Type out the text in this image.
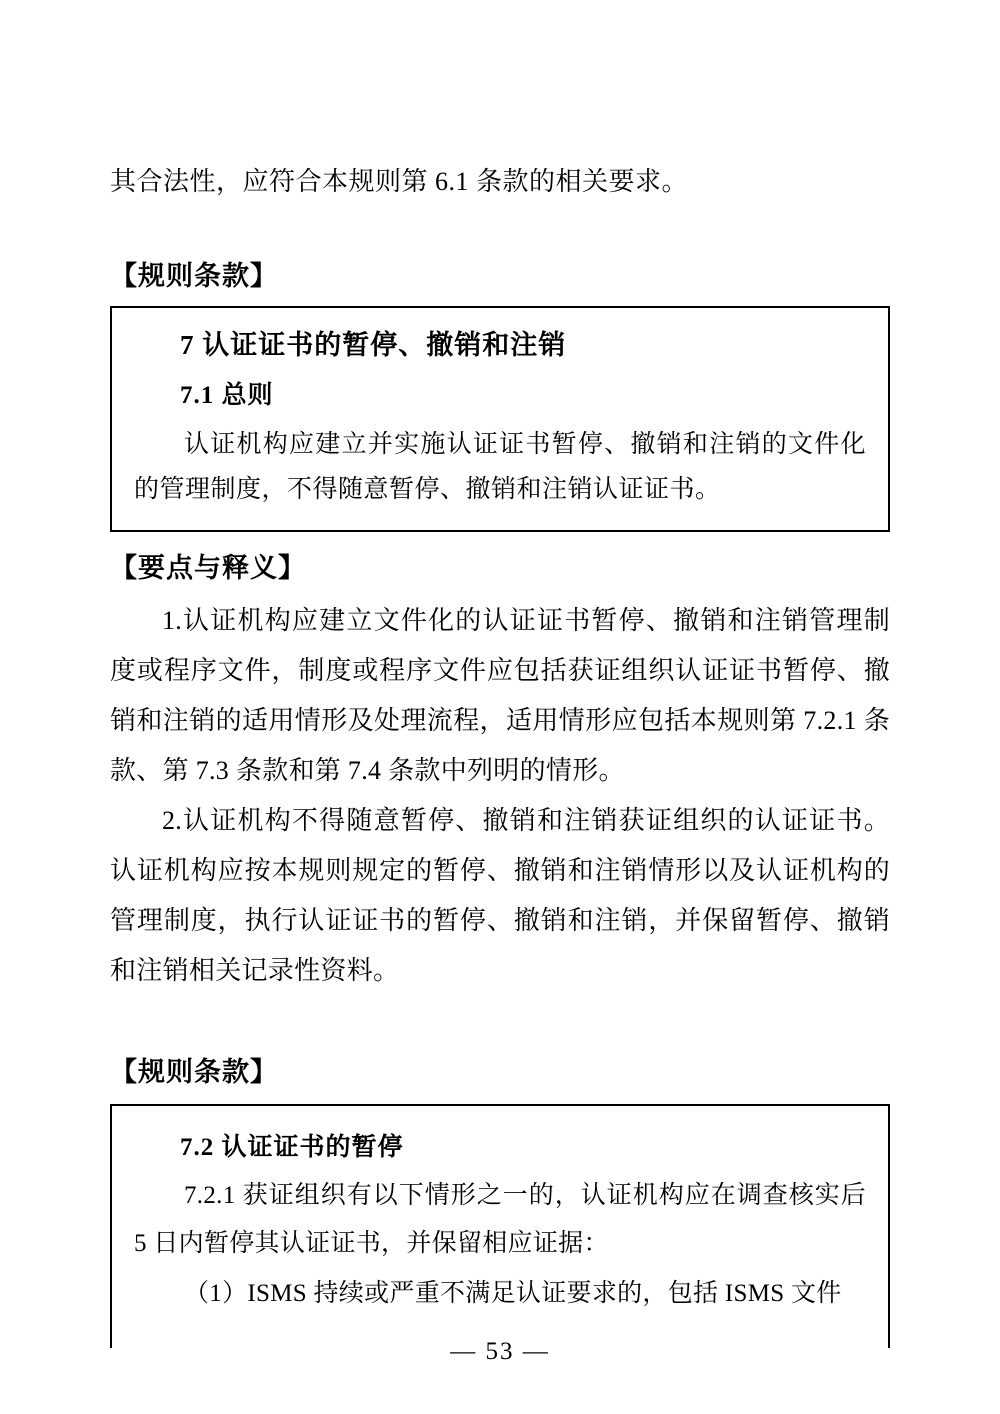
其合法性，应符合本规则第 6.1 条款的相关要求。

【规则条款】
7 认证证书的暂停、撤销和注销
7.1 总则
认证机构应建立并实施认证证书暂停、撤销和注销的文件化的管理制度，不得随意暂停、撤销和注销认证证书。
【要点与释义】

1.认证机构应建立文件化的认证证书暂停、撤销和注销管理制度或程序文件，制度或程序文件应包括获证组织认证证书暂停、撤销和注销的适用情形及处理流程，适用情形应包括本规则第 7.2.1 条款、第 7.3 条款和第 7.4 条款中列明的情形。

2.认证机构不得随意暂停、撤销和注销获证组织的认证证书。认证机构应按本规则规定的暂停、撤销和注销情形以及认证机构的管理制度，执行认证证书的暂停、撤销和注销，并保留暂停、撤销和注销相关记录性资料。

【规则条款】
7.2 认证证书的暂停
7.2.1 获证组织有以下情形之一的，认证机构应在调查核实后 5 日内暂停其认证证书，并保留相应证据：
（1）ISMS 持续或严重不满足认证要求的，包括 ISMS 文件
— 53 —
